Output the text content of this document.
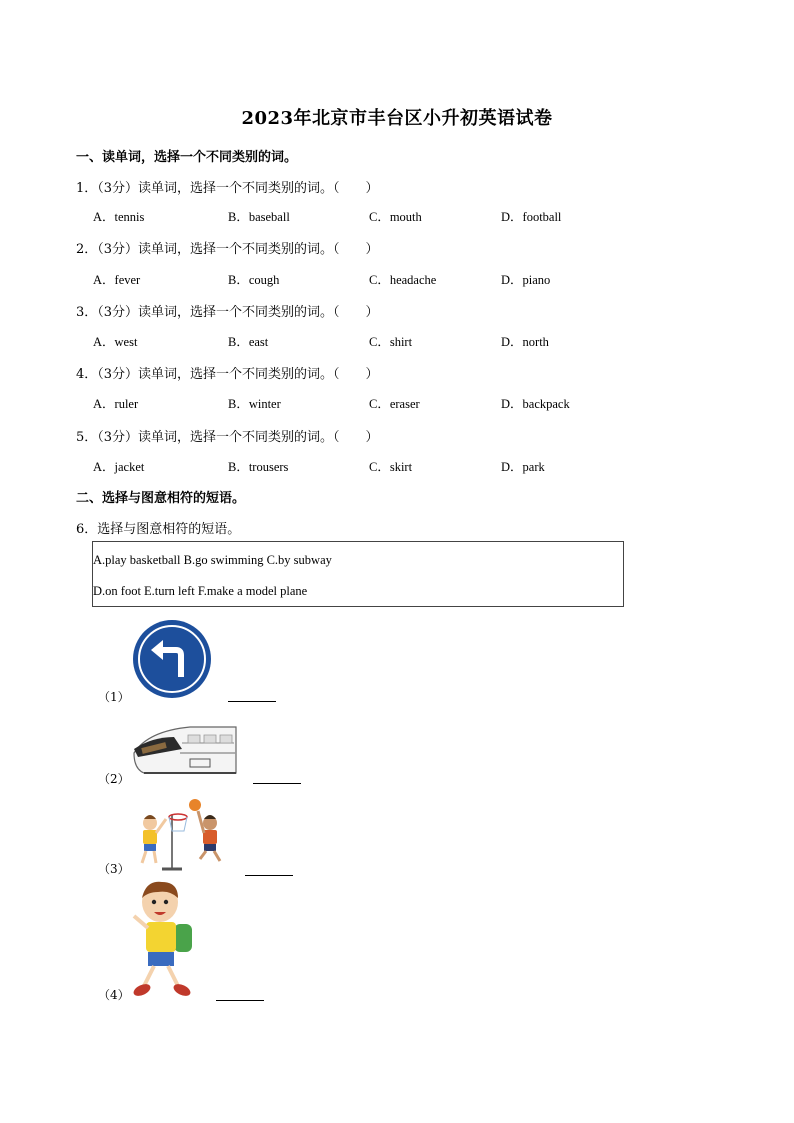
2023年北京市丰台区小升初英语试卷
一、读单词，选择一个不同类别的词。
1．（3分）读单词，选择一个不同类别的词。（　　）
A．tennis	B．baseball	C．mouth	D．football
2．（3分）读单词，选择一个不同类别的词。（　　）
A．fever	B．cough	C．headache	D．piano
3．（3分）读单词，选择一个不同类别的词。（　　）
A．west	B．east	C．shirt	D．north
4．（3分）读单词，选择一个不同类别的词。（　　）
A．ruler	B．winter	C．eraser	D．backpack
5．（3分）读单词，选择一个不同类别的词。（　　）
A．jacket	B．trousers	C．skirt	D．park
二、选择与图意相符的短语。
6．选择与图意相符的短语。
A.play basketball B.go swimming C.by subway
D.on foot E.turn left F.make a model plane
（1）
（2）
（3）
（4）
